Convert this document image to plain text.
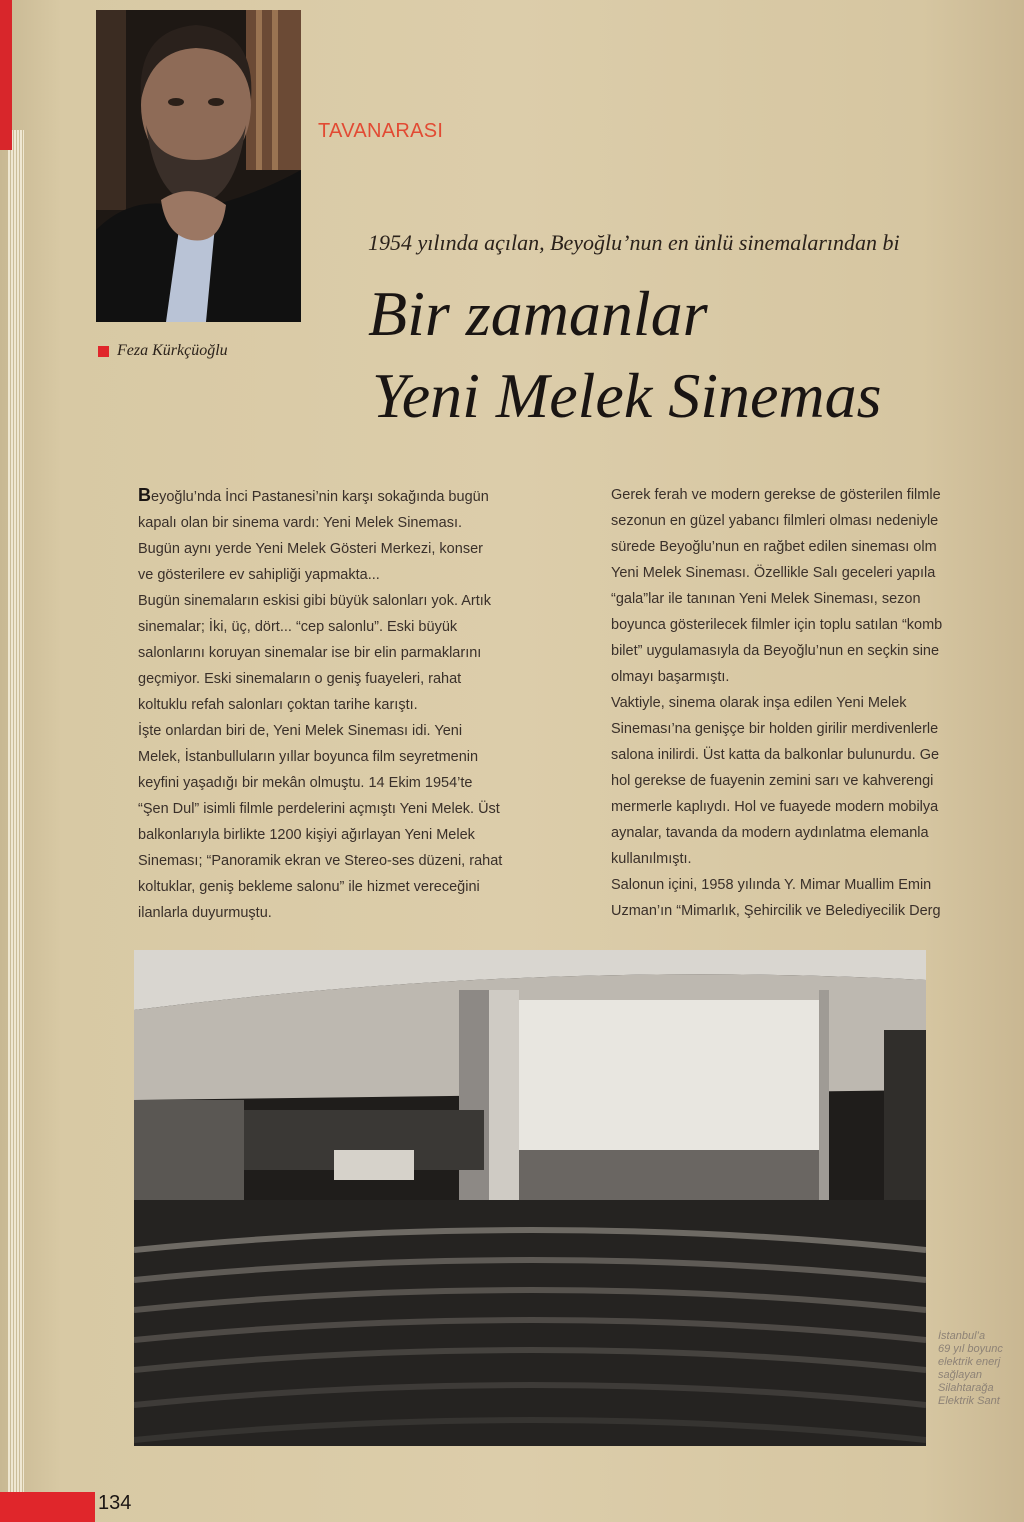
TAVANARASI
1954 yılında açılan, Beyoğlu’nun en ünlü sinemalarından bi
Bir zamanlar
Yeni Melek Sinemas
Feza Kürkçüoğlu

Beyoğlu’nda İnci Pastanesi’nin karşı sokağında bugün

kapalı olan bir sinema vardı: Yeni Melek Sineması.

Bugün aynı yerde Yeni Melek Gösteri Merkezi, konser

ve gösterilere ev sahipliği yapmakta...

Bugün sinemaların eskisi gibi büyük salonları yok. Artık

sinemalar; İki, üç, dört... “cep salonlu”. Eski büyük

salonlarını koruyan sinemalar ise bir elin parmaklarını

geçmiyor. Eski sinemaların o geniş fuayeleri, rahat

koltuklu refah salonları çoktan tarihe karıştı.

İşte onlardan biri de, Yeni Melek Sineması idi. Yeni

Melek, İstanbulluların yıllar boyunca film seyretmenin

keyfini yaşadığı bir mekân olmuştu. 14 Ekim 1954’te

“Şen Dul” isimli filmle perdelerini açmıştı Yeni Melek. Üst

balkonlarıyla birlikte 1200 kişiyi ağırlayan Yeni Melek

Sineması; “Panoramik ekran ve Stereo-ses düzeni, rahat

koltuklar, geniş bekleme salonu” ile hizmet vereceğini

ilanlarla duyurmuştu.

Gerek ferah ve modern gerekse de gösterilen filmle

sezonun en güzel yabancı filmleri olması nedeniyle

sürede Beyoğlu’nun en rağbet edilen sineması olm

Yeni Melek Sineması. Özellikle Salı geceleri yapıla

“gala”lar ile tanınan Yeni Melek Sineması, sezon

boyunca gösterilecek filmler için toplu satılan “komb

bilet” uygulamasıyla da Beyoğlu’nun en seçkin sine

olmayı başarmıştı.

Vaktiyle, sinema olarak inşa edilen Yeni Melek

Sineması’na genişçe bir holden girilir merdivenlerle

salona inilirdi. Üst katta da balkonlar bulunurdu. Ge

hol gerekse de fuayenin zemini sarı ve kahverengi

mermerle kaplıydı. Hol ve fuayede modern mobilya

aynalar, tavanda da modern aydınlatma elemanla

kullanılmıştı.

Salonun içini, 1958 yılında Y. Mimar Muallim Emin

Uzman’ın “Mimarlık, Şehircilik ve Belediyecilik Derg

İstanbul’a

69 yıl boyunc

elektrik enerj

sağlayan

Silahtarağa

Elektrik Sant

134
